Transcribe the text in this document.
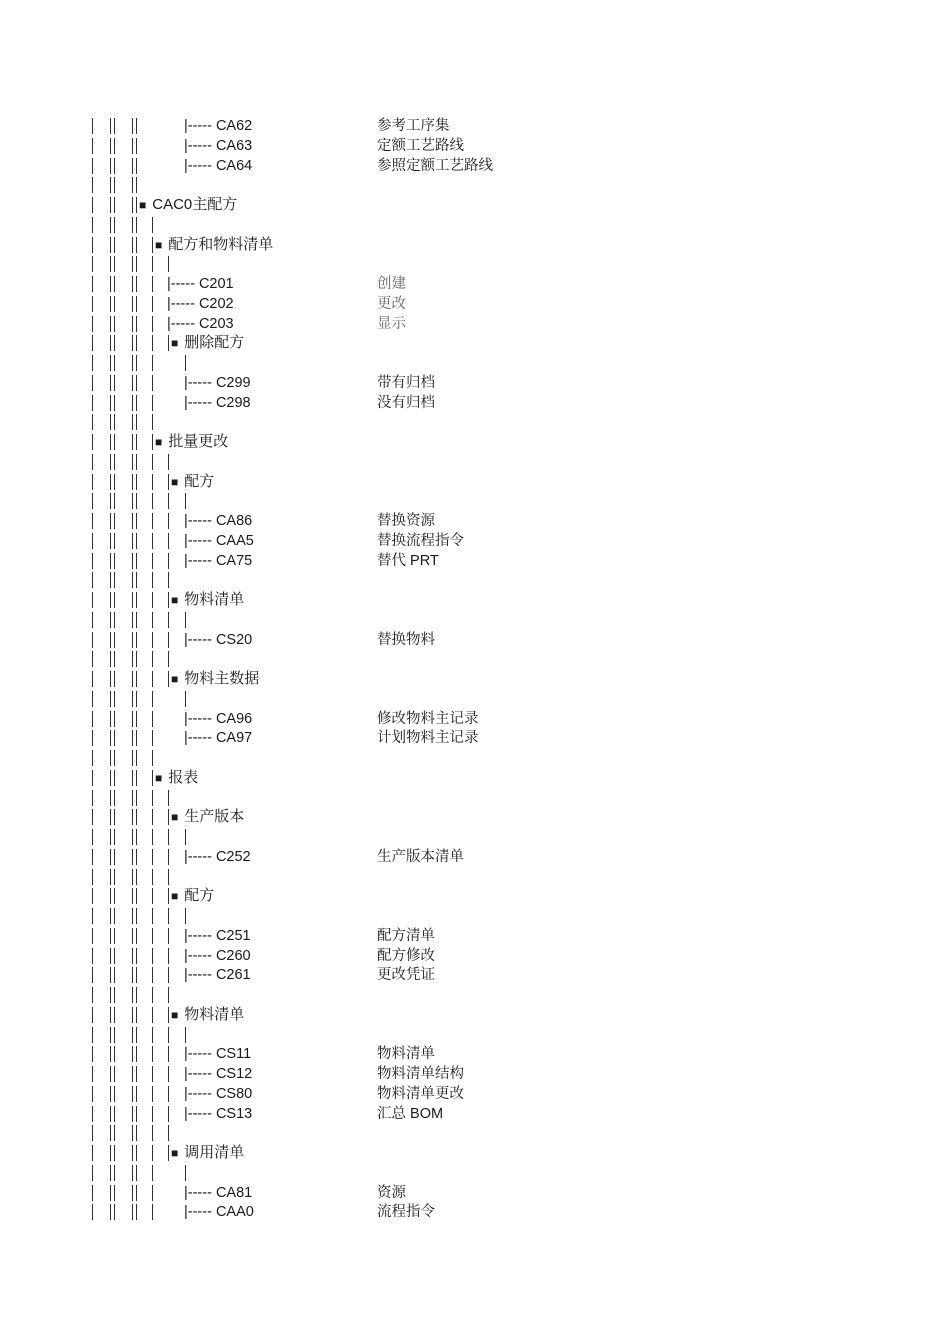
|----- CA62	参考工序集
|----- CA63	定额工艺路线
|----- CA64	参照定额工艺路线
■ CAC0主配方
■ 配方和物料清单
|----- C201	创建
|----- C202	更改
|----- C203	显示
■ 删除配方
|----- C299	带有归档
|----- C298	没有归档
■ 批量更改
■ 配方
|----- CA86	替换资源
|----- CAA5	替换流程指令
|----- CA75	替代 PRT
■ 物料清单
|----- CS20	替换物料
■ 物料主数据
|----- CA96	修改物料主记录
|----- CA97	计划物料主记录
■ 报表
■ 生产版本
|----- C252	生产版本清单
■ 配方
|----- C251	配方清单
|----- C260	配方修改
|----- C261	更改凭证
■ 物料清单
|----- CS11	物料清单
|----- CS12	物料清单结构
|----- CS80	物料清单更改
|----- CS13	汇总 BOM
■ 调用清单
|----- CA81	资源
|----- CAA0	流程指令
